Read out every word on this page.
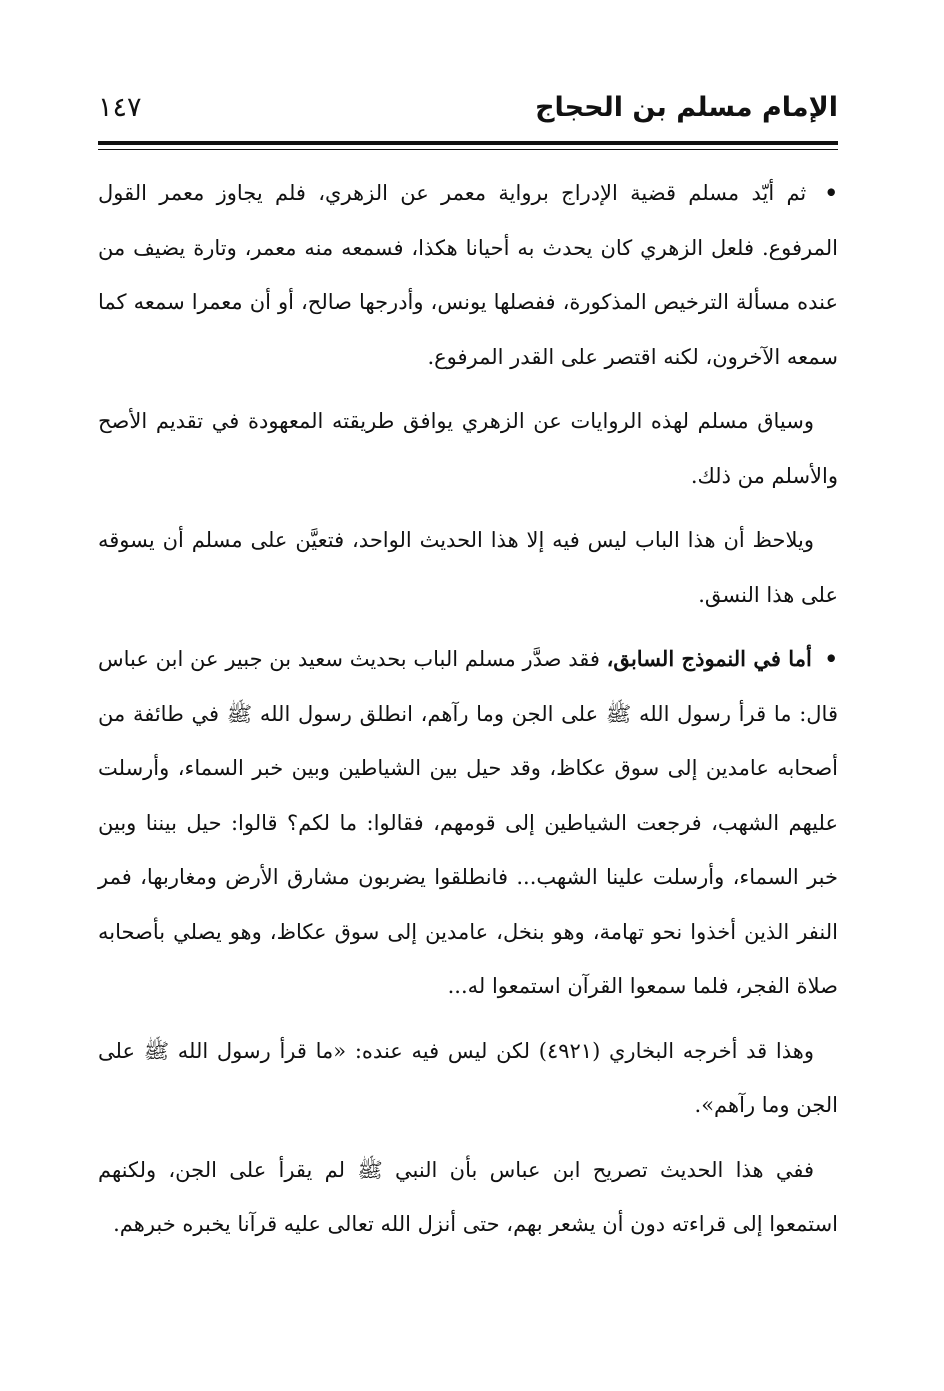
الإمام مسلم بن الحجاج
١٤٧

• ثم أيّد مسلم قضية الإدراج برواية معمر عن الزهري، فلم يجاوز معمر القول المرفوع. فلعل الزهري كان يحدث به أحيانا هكذا، فسمعه منه معمر، وتارة يضيف من عنده مسألة الترخيص المذكورة، ففصلها يونس، وأدرجها صالح، أو أن معمرا سمعه كما سمعه الآخرون، لكنه اقتصر على القدر المرفوع.

وسياق مسلم لهذه الروايات عن الزهري يوافق طريقته المعهودة في تقديم الأصح والأسلم من ذلك.

ويلاحظ أن هذا الباب ليس فيه إلا هذا الحديث الواحد، فتعيَّن على مسلم أن يسوقه على هذا النسق.

• أما في النموذج السابق، فقد صدَّر مسلم الباب بحديث سعيد بن جبير عن ابن عباس قال: ما قرأ رسول الله ﷺ على الجن وما رآهم، انطلق رسول الله ﷺ في طائفة من أصحابه عامدين إلى سوق عكاظ، وقد حيل بين الشياطين وبين خبر السماء، وأرسلت عليهم الشهب، فرجعت الشياطين إلى قومهم، فقالوا: ما لكم؟ قالوا: حيل بيننا وبين خبر السماء، وأرسلت علينا الشهب... فانطلقوا يضربون مشارق الأرض ومغاربها، فمر النفر الذين أخذوا نحو تهامة، وهو بنخل، عامدين إلى سوق عكاظ، وهو يصلي بأصحابه صلاة الفجر، فلما سمعوا القرآن استمعوا له...

وهذا قد أخرجه البخاري (٤٩٢١) لكن ليس فيه عنده: «ما قرأ رسول الله ﷺ على الجن وما رآهم».

ففي هذا الحديث تصريح ابن عباس بأن النبي ﷺ لم يقرأ على الجن، ولكنهم استمعوا إلى قراءته دون أن يشعر بهم، حتى أنزل الله تعالى عليه قرآنا يخبره خبرهم.
